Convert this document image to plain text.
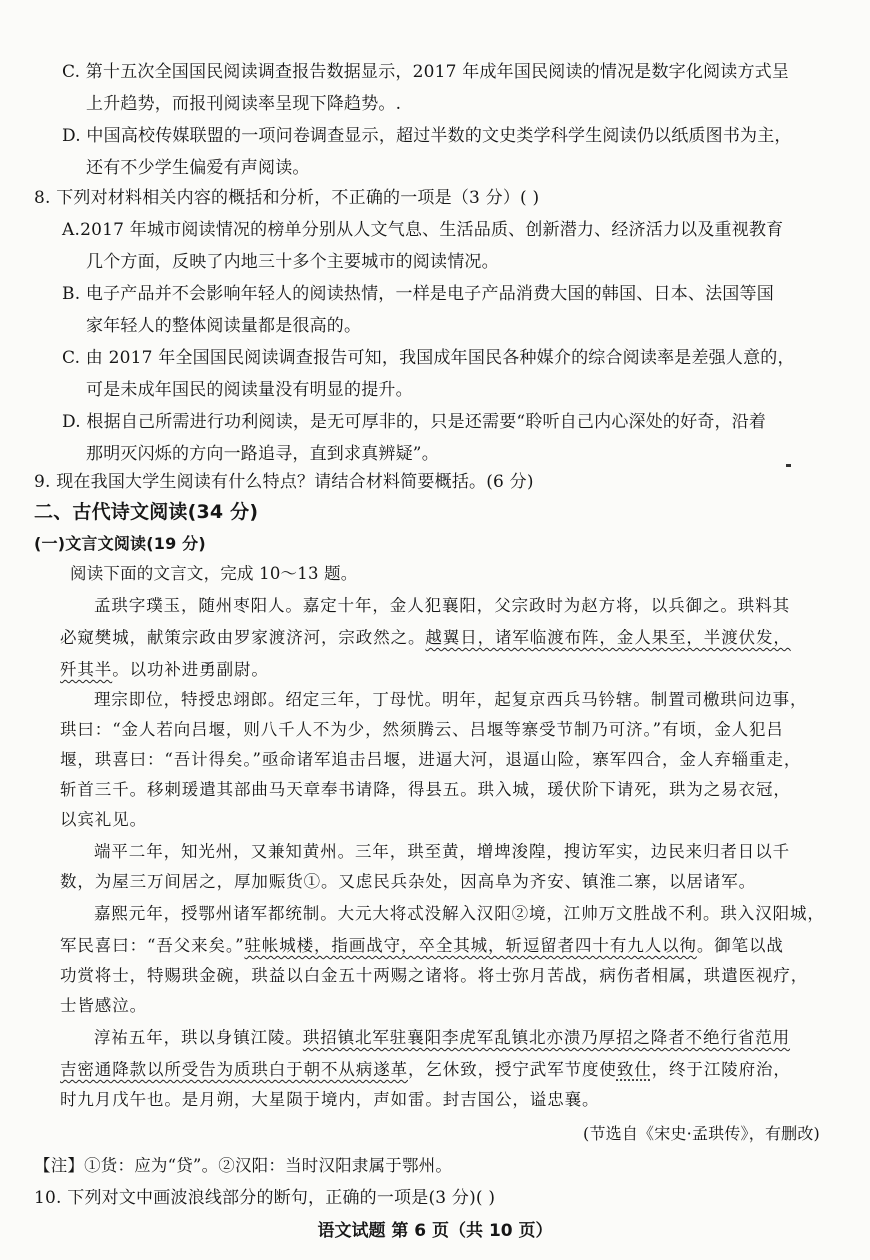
C. 第十五次全国国民阅读调查报告数据显示，2017 年成年国民阅读的情况是数字化阅读方式呈
上升趋势，而报刊阅读率呈现下降趋势。.
D. 中国高校传媒联盟的一项问卷调查显示，超过半数的文史类学科学生阅读仍以纸质图书为主，
还有不少学生偏爱有声阅读。
8. 下列对材料相关内容的概括和分析，不正确的一项是（3 分）( )
A.2017 年城市阅读情况的榜单分别从人文气息、生活品质、创新潜力、经济活力以及重视教育
几个方面，反映了内地三十多个主要城市的阅读情况。
B. 电子产品并不会影响年轻人的阅读热情，一样是电子产品消费大国的韩国、日本、法国等国
家年轻人的整体阅读量都是很高的。
C. 由 2017 年全国国民阅读调查报告可知，我国成年国民各种媒介的综合阅读率是差强人意的，
可是未成年国民的阅读量没有明显的提升。
D. 根据自己所需进行功利阅读，是无可厚非的，只是还需要“聆听自己内心深处的好奇，沿着
那明灭闪烁的方向一路追寻，直到求真辨疑”。
9. 现在我国大学生阅读有什么特点？请结合材料简要概括。(6 分)
二、古代诗文阅读(34 分)
(一)文言文阅读(19 分)
阅读下面的文言文，完成 10～13 题。
孟珙字璞玉，随州枣阳人。嘉定十年，金人犯襄阳，父宗政时为赵方将，以兵御之。珙料其
必窥樊城，献策宗政由罗家渡济河，宗政然之。越翼日，诸军临渡布阵，金人果至，半渡伏发，
歼其半。以功补进勇副尉。
理宗即位，特授忠翊郎。绍定三年，丁母忧。明年，起复京西兵马钤辖。制置司檄珙问边事，
珙曰：“金人若向吕堰，则八千人不为少，然须腾云、吕堰等寨受节制乃可济。”有顷，金人犯吕
堰，珙喜曰：“吾计得矣。”亟命诸军追击吕堰，进逼大河，退逼山险，寨军四合，金人弃辎重走，
斩首三千。移刺瑗遣其部曲马天章奉书请降，得县五。珙入城，瑗伏阶下请死，珙为之易衣冠，
以宾礼见。
端平二年，知光州，又兼知黄州。三年，珙至黄，增埤浚隍，搜访军实，边民来归者日以千
数，为屋三万间居之，厚加赈货①。又虑民兵杂处，因高阜为齐安、镇淮二寨，以居诸军。
嘉熙元年，授鄂州诸军都统制。大元大将忒没解入汉阳②境，江帅万文胜战不利。珙入汉阳城，
军民喜曰：“吾父来矣。”驻帐城楼，指画战守，卒全其城，斩逗留者四十有九人以徇。御笔以战
功赏将士，特赐珙金碗，珙益以白金五十两赐之诸将。将士弥月苦战，病伤者相属，珙遣医视疗，
士皆感泣。
淳祐五年，珙以身镇江陵。珙招镇北军驻襄阳李虎军乱镇北亦溃乃厚招之降者不绝行省范用
吉密通降款以所受告为质珙白于朝不从病遂革，乞休致，授宁武军节度使致仕，终于江陵府治，
时九月戊午也。是月朔，大星陨于境内，声如雷。封吉国公，谥忠襄。
(节选自《宋史·孟珙传》，有删改)
【注】①货：应为“贷”。②汉阳：当时汉阳隶属于鄂州。
10. 下列对文中画波浪线部分的断句，正确的一项是(3 分)( )
语文试题 第 6 页（共 10 页）
